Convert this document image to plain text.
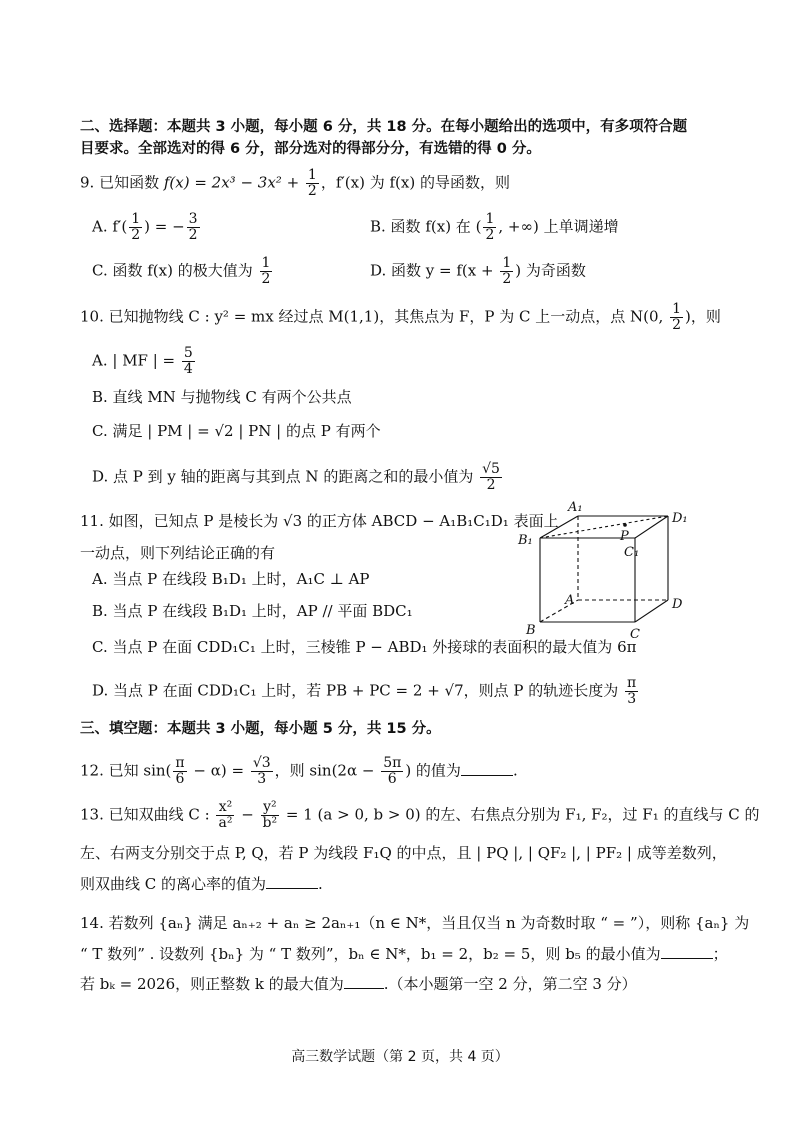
二、选择题：本题共 3 小题，每小题 6 分，共 18 分。在每小题给出的选项中，有多项符合题
目要求。全部选对的得 6 分，部分选对的得部分分，有选错的得 0 分。
9. 已知函数 $f(x) = 2x^3 - 3x^2 + \frac{1}{2}$ ，f′(x) 为 f(x) 的导函数，则
A. $f'( \frac{1}{2}$ ) = − $\frac{3}{2}$	B. 函数 f(x) 在 ( $\frac{1}{2}$ , +∞) 上单调递增
C. 函数 f(x) 的极大值为 $\frac{1}{2}$	D. 函数 $y = f(x + \frac{1}{2}$ ) 为奇函数
10. 已知抛物线 C : y² = mx 经过点 M(1,1)，其焦点为 F，P 为 C 上一动点，点 N(0, $\frac{1}{2}$ )，则
A. | MF | = $\frac{5}{4}$
B. 直线 MN 与抛物线 C 有两个公共点
C. 满足 | PM | = √2 | PN | 的点 P 有两个
D. 点 P 到 y 轴的距离与其到点 N 的距离之和的最小值为 $\frac{√5}{2}$
11. 如图，已知点 P 是棱长为 √3 的正方体 ABCD − A₁B₁C₁D₁ 表面上
一动点，则下列结论正确的有
A. 当点 P 在线段 B₁D₁ 上时，A₁C ⊥ AP
B. 当点 P 在线段 B₁D₁ 上时，AP // 平面 BDC₁
C. 当点 P 在面 CDD₁C₁ 上时，三棱锥 P − ABD₁ 外接球的表面积的最大值为 6π
D. 当点 P 在面 CDD₁C₁ 上时，若 PB + PC = 2 + √7，则点 P 的轨迹长度为 $\frac{\pi}{3}$
A₁
D₁
B₁
C₁
P
A	D
B	C
三、填空题：本题共 3 小题，每小题 5 分，共 15 分。
12. 已知 $\sin( \frac{\pi}{6} - \alpha) = \frac{√3}{3}$ ，则 $\sin(2\alpha - \frac{5\pi}{6}$ ) 的值为	.
13. 已知双曲线 C : $\frac{\text{x²}}{\text{a²}} - \frac{\text{y²}}{\text{b²}} = 1$ (a > 0, b > 0) 的左、右焦点分别为 F₁, F₂，过 F₁ 的直线与 C 的
左、右两支分别交于点 P, Q，若 P 为线段 F₁Q 的中点，且 | PQ |, | QF₂ |, | PF₂ | 成等差数列，
则双曲线 C 的离心率的值为	.
14. 若数列 {aₙ} 满足 aₙ₊₂ + aₙ ≥ 2aₙ₊₁（n ∈ N*，当且仅当 n 为奇数时取 “ = ”），则称 {aₙ} 为
“ T 数列” . 设数列 {bₙ} 为 “ T 数列”，bₙ ∈ N*，b₁ = 2，b₂ = 5，则 b₅ 的最小值为	；
若 bₖ = 2026，则正整数 k 的最大值为	.（本小题第一空 2 分，第二空 3 分）
高三数学试题（第 2 页，共 4 页）
